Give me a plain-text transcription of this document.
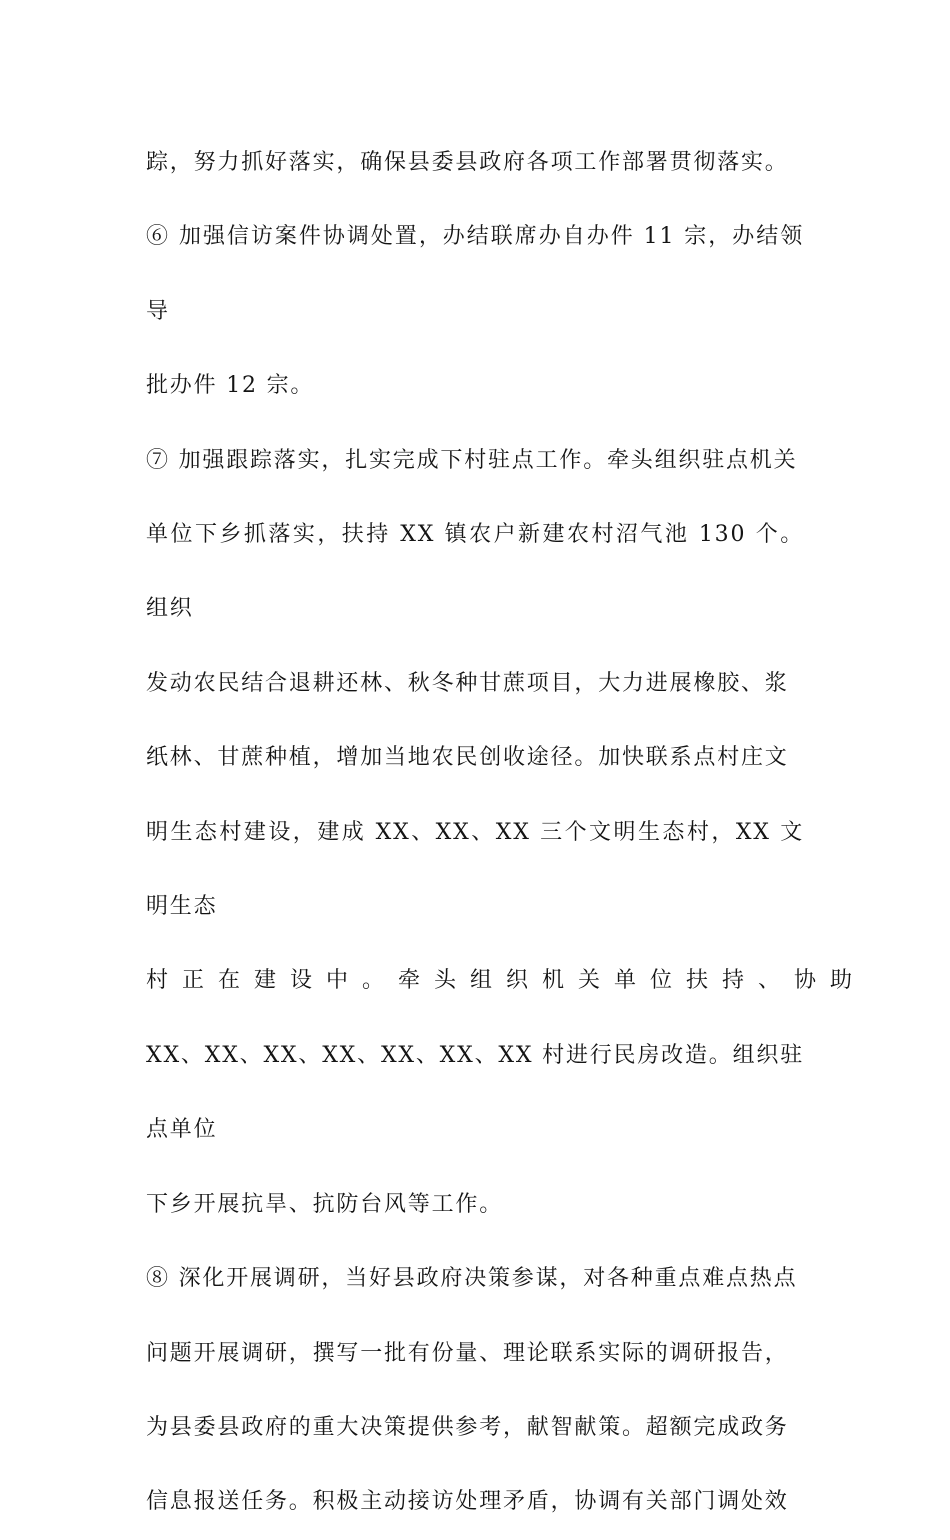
踪，努力抓好落实，确保县委县政府各项工作部署贯彻落实。

⑥ 加强信访案件协调处置，办结联席办自办件 11 宗，办结领导

批办件 12 宗。

⑦ 加强跟踪落实，扎实完成下村驻点工作。牵头组织驻点机关

单位下乡抓落实，扶持 XX 镇农户新建农村沼气池 130 个。组织

发动农民结合退耕还林、秋冬种甘蔗项目，大力进展橡胶、浆

纸林、甘蔗种植，增加当地农民创收途径。加快联系点村庄文

明生态村建设，建成 XX、XX、XX 三个文明生态村，XX 文明生态

村正在建设中。牵头组织机关单位扶持、协助

XX、XX、XX、XX、XX、XX、XX 村进行民房改造。组织驻点单位

下乡开展抗旱、抗防台风等工作。

⑧ 深化开展调研，当好县政府决策参谋，对各种重点难点热点

问题开展调研，撰写一批有份量、理论联系实际的调研报告，

为县委县政府的重大决策提供参考，献智献策。超额完成政务

信息报送任务。积极主动接访处理矛盾，协调有关部门调处效
